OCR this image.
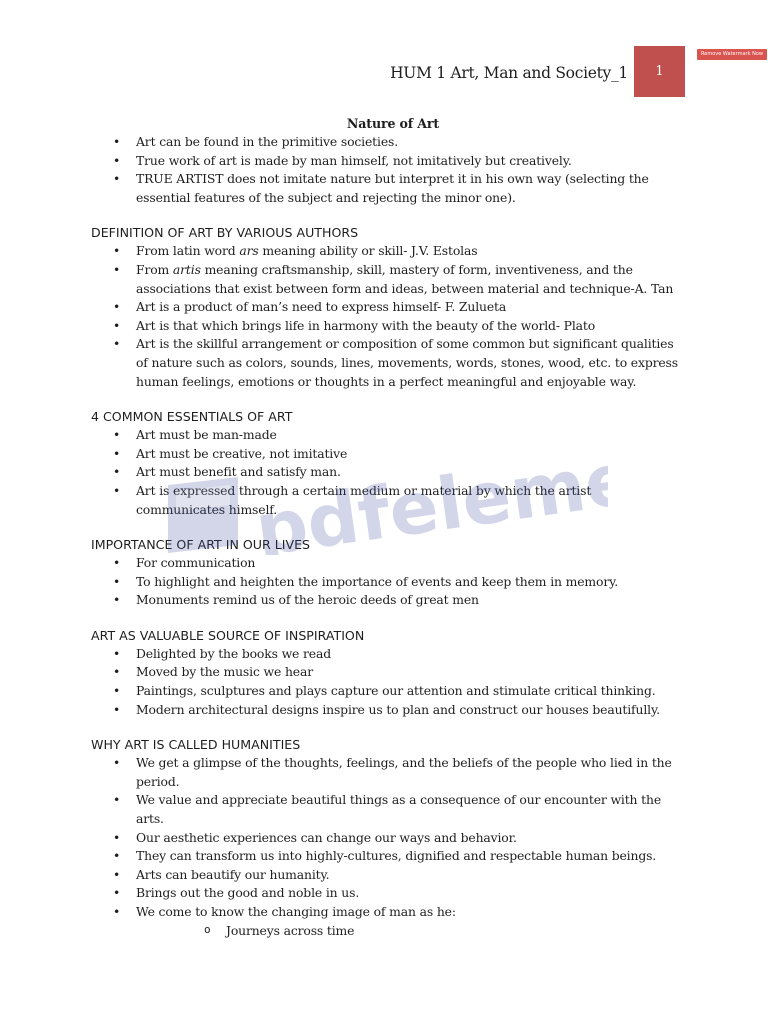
Remove Watermark Now
HUM 1 Art, Man and Society_1 1
Nature of Art
• Art can be found in the primitive societies.
• True work of art is made by man himself, not imitatively but creatively.
• TRUE ARTIST does not imitate nature but interpret it in his own way (selecting the essential features of the subject and rejecting the minor one).
DEFINITION OF ART BY VARIOUS AUTHORS
• From latin word ars meaning ability or skill- J.V. Estolas
• From artis meaning craftsmanship, skill, mastery of form, inventiveness, and the associations that exist between form and ideas, between material and technique-A. Tan
• Art is a product of man’s need to express himself- F. Zulueta
• Art is that which brings life in harmony with the beauty of the world- Plato
• Art is the skillful arrangement or composition of some common but significant qualities of nature such as colors, sounds, lines, movements, words, stones, wood, etc. to express human feelings, emotions or thoughts in a perfect meaningful and enjoyable way.
4 COMMON ESSENTIALS OF ART
• Art must be man-made
• Art must be creative, not imitative
• Art must benefit and satisfy man.
• Art is expressed through a certain medium or material by which the artist communicates himself.
IMPORTANCE OF ART IN OUR LIVES
• For communication
• To highlight and heighten the importance of events and keep them in memory.
• Monuments remind us of the heroic deeds of great men
ART AS VALUABLE SOURCE OF INSPIRATION
• Delighted by the books we read
• Moved by the music we hear
• Paintings, sculptures and plays capture our attention and stimulate critical thinking.
• Modern architectural designs inspire us to plan and construct our houses beautifully.
WHY ART IS CALLED HUMANITIES
• We get a glimpse of the thoughts, feelings, and the beliefs of the people who lied in the period.
• We value and appreciate beautiful things as a consequence of our encounter with the arts.
• Our aesthetic experiences can change our ways and behavior.
• They can transform us into highly-cultures, dignified and respectable human beings.
• Arts can beautify our humanity.
• Brings out the good and noble in us.
• We come to know the changing image of man as he:
o Journeys across time
pdfelement
